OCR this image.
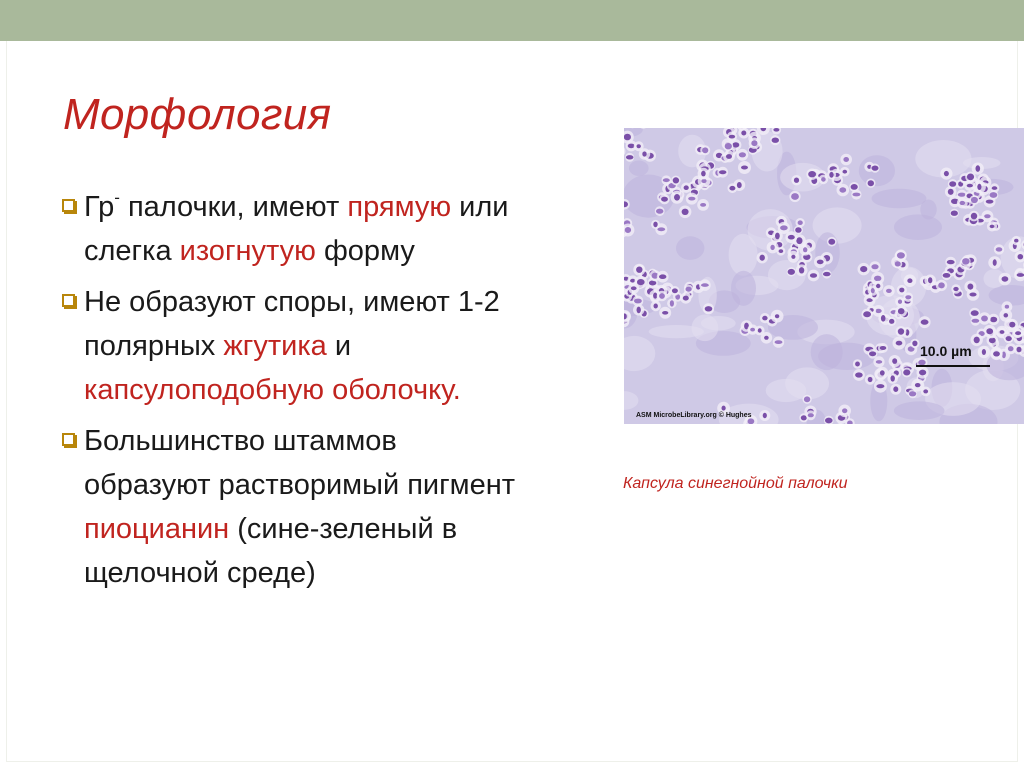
Морфология
Гр- палочки, имеют прямую или
слегка изогнутую форму
Не образуют споры, имеют 1-2
полярных жгутика и
капсулоподобную оболочку.
Большинство штаммов
образуют растворимый пигмент
пиоцианин (сине-зеленый в
щелочной среде)
10.0 µm
ASM MicrobeLibrary.org © Hughes
Капсула синегнойной палочки
